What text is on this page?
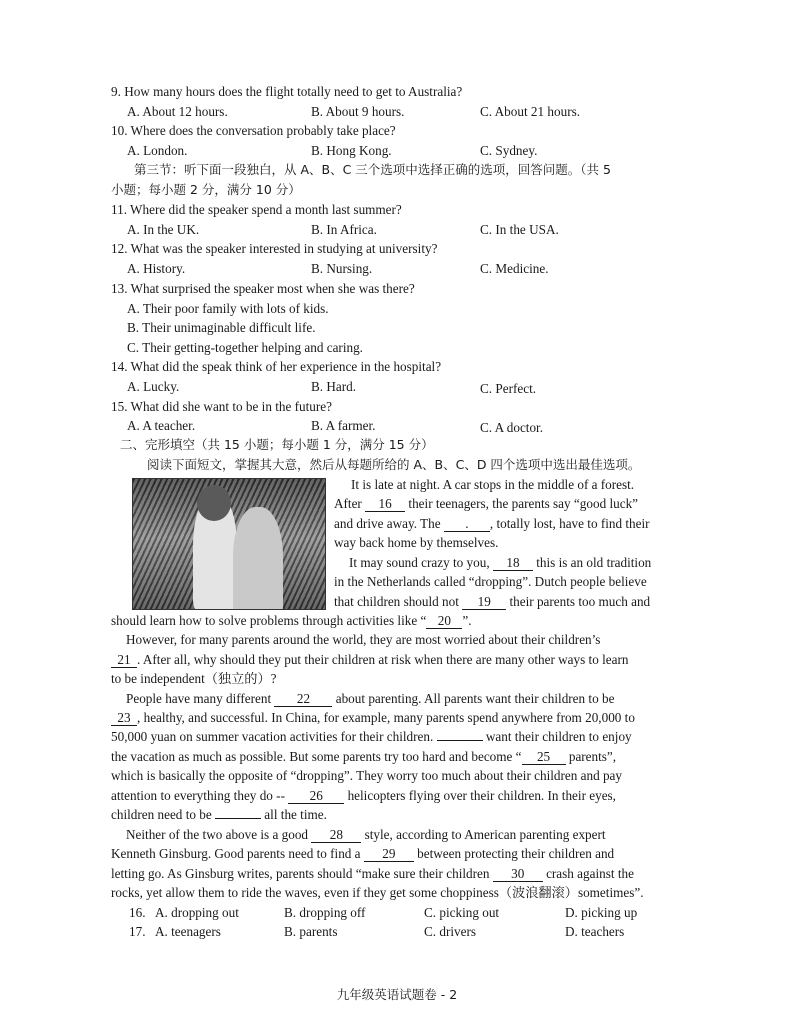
9. How many hours does the flight totally need to get to Australia?
A. About 12 hours.	B. About 9 hours.	C. About 21 hours.
10. Where does the conversation probably take place?
A. London.	B. Hong Kong.	C. Sydney.
第三节：听下面一段独白，从 A、B、C 三个选项中选择正确的选项，回答问题。（共 5
小题；每小题 2 分，满分 10 分）
11. Where did the speaker spend a month last summer?
A. In the UK.	B. In Africa.	C. In the USA.
12. What was the speaker interested in studying at university?
A. History.	B. Nursing.	C. Medicine.
13. What surprised the speaker most when she was there?
A. Their poor family with lots of kids.
B. Their unimaginable difficult life.
C. Their getting-together helping and caring.
14. What did the speak think of her experience in the hospital?
A. Lucky.	B. Hard.	C. Perfect.
15. What did she want to be in the future?
A. A teacher.	B. A farmer.	C. A doctor.
二、完形填空（共 15 小题；每小题 1 分，满分 15 分）
阅读下面短文，掌握其大意，然后从每题所给的 A、B、C、D 四个选项中选出最佳选项。
It is late at night. A car stops in the middle of a forest.
After 16 their teenagers, the parents say “good luck”
and drive away. The . , totally lost, have to find their
way back home by themselves.
It may sound crazy to you, 18 this is an old tradition
in the Netherlands called “dropping”. Dutch people believe
that children should not 19 their parents too much and
should learn how to solve problems through activities like “ 20 ”.
However, for many parents around the world, they are most worried about their children’s
21 . After all, why should they put their children at risk when there are many other ways to learn
to be independent（独立的）?
People have many different 22 about parenting. All parents want their children to be
23 , healthy, and successful. In China, for example, many parents spend anywhere from 20,000 to
50,000 yuan on summer vacation activities for their children.	want their children to enjoy
the vacation as much as possible. But some parents try too hard and become “ 25 parents”,
which is basically the opposite of “dropping”. They worry too much about their children and pay
attention to everything they do -- 26 helicopters flying over their children. In their eyes,
children need to be	all the time.
Neither of the two above is a good 28 style, according to American parenting expert
Kenneth Ginsburg. Good parents need to find a 29 between protecting their children and
letting go. As Ginsburg writes, parents should “make sure their children 30 crash against the
rocks, yet allow them to ride the waves, even if they get some choppiness（波浪翻滚）sometimes”.
16. A. dropping out	B. dropping off	C. picking out	D. picking up
17. A. teenagers	B. parents	C. drivers	D. teachers
九年级英语试题卷 - 2
